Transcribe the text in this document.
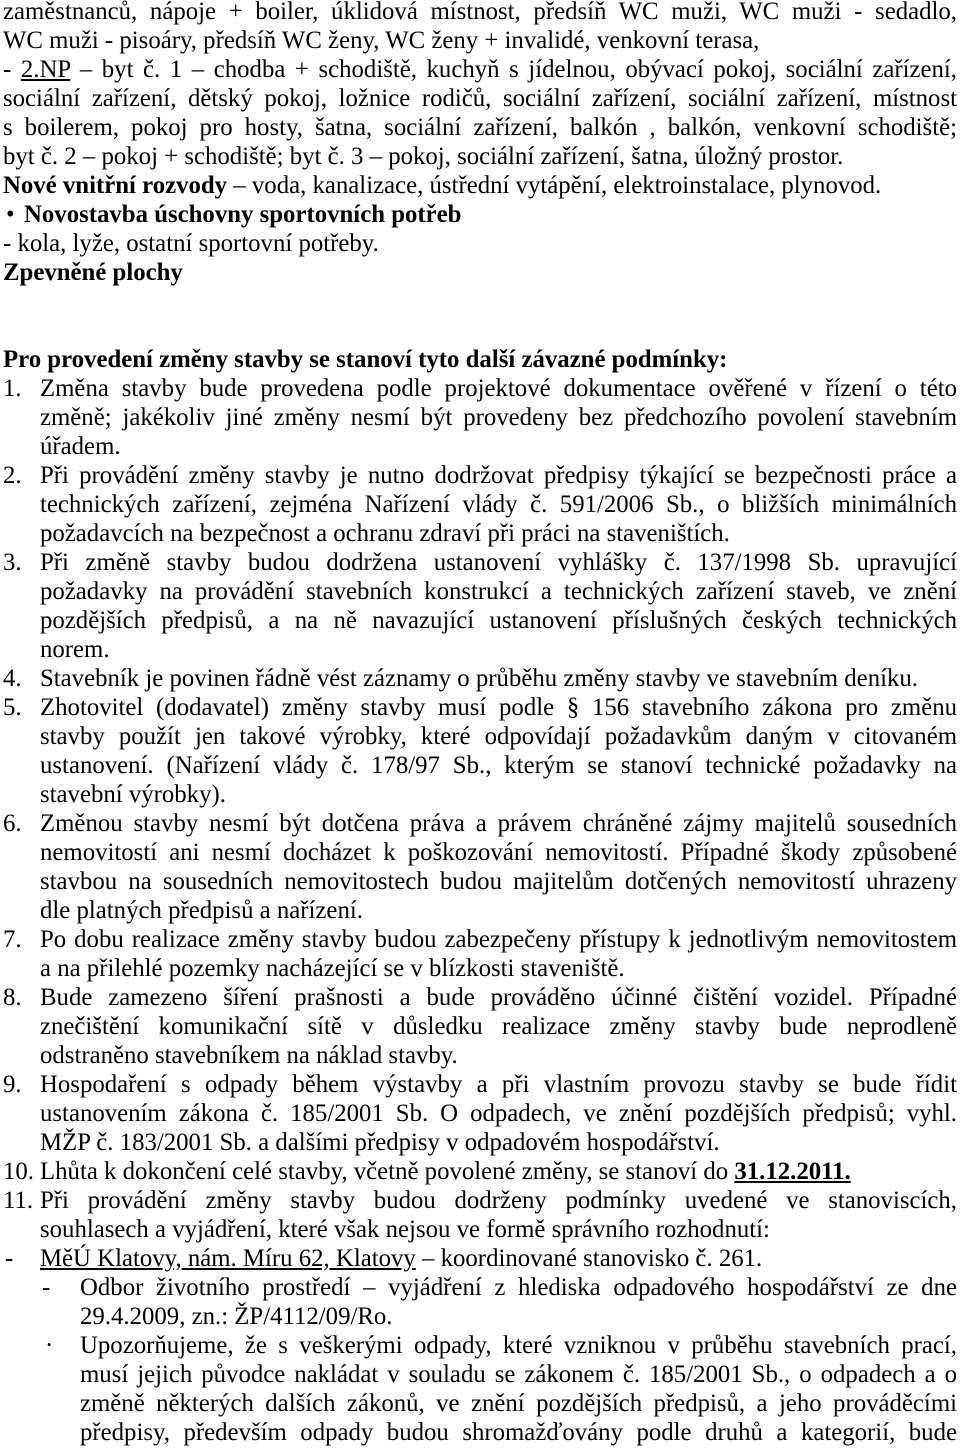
zaměstnanců, nápoje + boiler, úklidová místnost, předsíň WC muži, WC muži - sedadlo,
WC muži - pisoáry, předsíň WC ženy, WC ženy + invalidé, venkovní terasa,
- 2.NP – byt č. 1 – chodba + schodiště, kuchyň s jídelnou, obývací pokoj, sociální zařízení,
sociální zařízení, dětský pokoj, ložnice rodičů, sociální zařízení, sociální zařízení, místnost
s boilerem, pokoj pro hosty, šatna, sociální zařízení, balkón , balkón, venkovní schodiště;
byt č. 2 – pokoj + schodiště; byt č. 3 – pokoj, sociální zařízení, šatna, úložný prostor.
Nové vnitřní rozvody – voda, kanalizace, ústřední vytápění, elektroinstalace, plynovod.
• Novostavba úschovny sportovních potřeb
- kola, lyže, ostatní sportovní potřeby.
Zpevněné plochy
Pro provedení změny stavby se stanoví tyto další závazné podmínky:
1. Změna stavby bude provedena podle projektové dokumentace ověřené v řízení o této
změně; jakékoliv jiné změny nesmí být provedeny bez předchozího povolení stavebním
úřadem.
2. Při provádění změny stavby je nutno dodržovat předpisy týkající se bezpečnosti práce a
technických zařízení, zejména Nařízení vlády č. 591/2006 Sb., o bližších minimálních
požadavcích na bezpečnost a ochranu zdraví při práci na staveništích.
3. Při změně stavby budou dodržena ustanovení vyhlášky č. 137/1998 Sb. upravující
požadavky na provádění stavebních konstrukcí a technických zařízení staveb, ve znění
pozdějších předpisů, a na ně navazující ustanovení příslušných českých technických
norem.
4. Stavebník je povinen řádně vést záznamy o průběhu změny stavby ve stavebním deníku.
5. Zhotovitel (dodavatel) změny stavby musí podle § 156 stavebního zákona pro změnu
stavby použít jen takové výrobky, které odpovídají požadavkům daným v citovaném
ustanovení. (Nařízení vlády č. 178/97 Sb., kterým se stanoví technické požadavky na
stavební výrobky).
6. Změnou stavby nesmí být dotčena práva a právem chráněné zájmy majitelů sousedních
nemovitostí ani nesmí docházet k poškozování nemovitostí. Případné škody způsobené
stavbou na sousedních nemovitostech budou majitelům dotčených nemovitostí uhrazeny
dle platných předpisů a nařízení.
7. Po dobu realizace změny stavby budou zabezpečeny přístupy k jednotlivým nemovitostem
a na přilehlé pozemky nacházející se v blízkosti staveniště.
8. Bude zamezeno šíření prašnosti a bude prováděno účinné čištění vozidel. Případné
znečištění komunikační sítě v důsledku realizace změny stavby bude neprodleně
odstraněno stavebníkem na náklad stavby.
9. Hospodaření s odpady během výstavby a při vlastním provozu stavby se bude řídit
ustanovením zákona č. 185/2001 Sb. O odpadech, ve znění pozdějších předpisů; vyhl.
MŽP č. 183/2001 Sb. a dalšími předpisy v odpadovém hospodářství.
10. Lhůta k dokončení celé stavby, včetně povolené změny, se stanoví do 31.12.2011.
11. Při provádění změny stavby budou dodrženy podmínky uvedené ve stanoviscích,
souhlasech a vyjádření, které však nejsou ve formě správního rozhodnutí:
- MěÚ Klatovy, nám. Míru 62, Klatovy – koordinované stanovisko č. 261.
- Odbor životního prostředí – vyjádření z hlediska odpadového hospodářství ze dne
29.4.2009, zn.: ŽP/4112/09/Ro.
· Upozorňujeme, že s veškerými odpady, které vzniknou v průběhu stavebních prací,
musí jejich původce nakládat v souladu se zákonem č. 185/2001 Sb., o odpadech a o
změně některých dalších zákonů, ve znění pozdějších předpisů, a jeho prováděcími
předpisy, především odpady budou shromažďovány podle druhů a kategorií, bude
